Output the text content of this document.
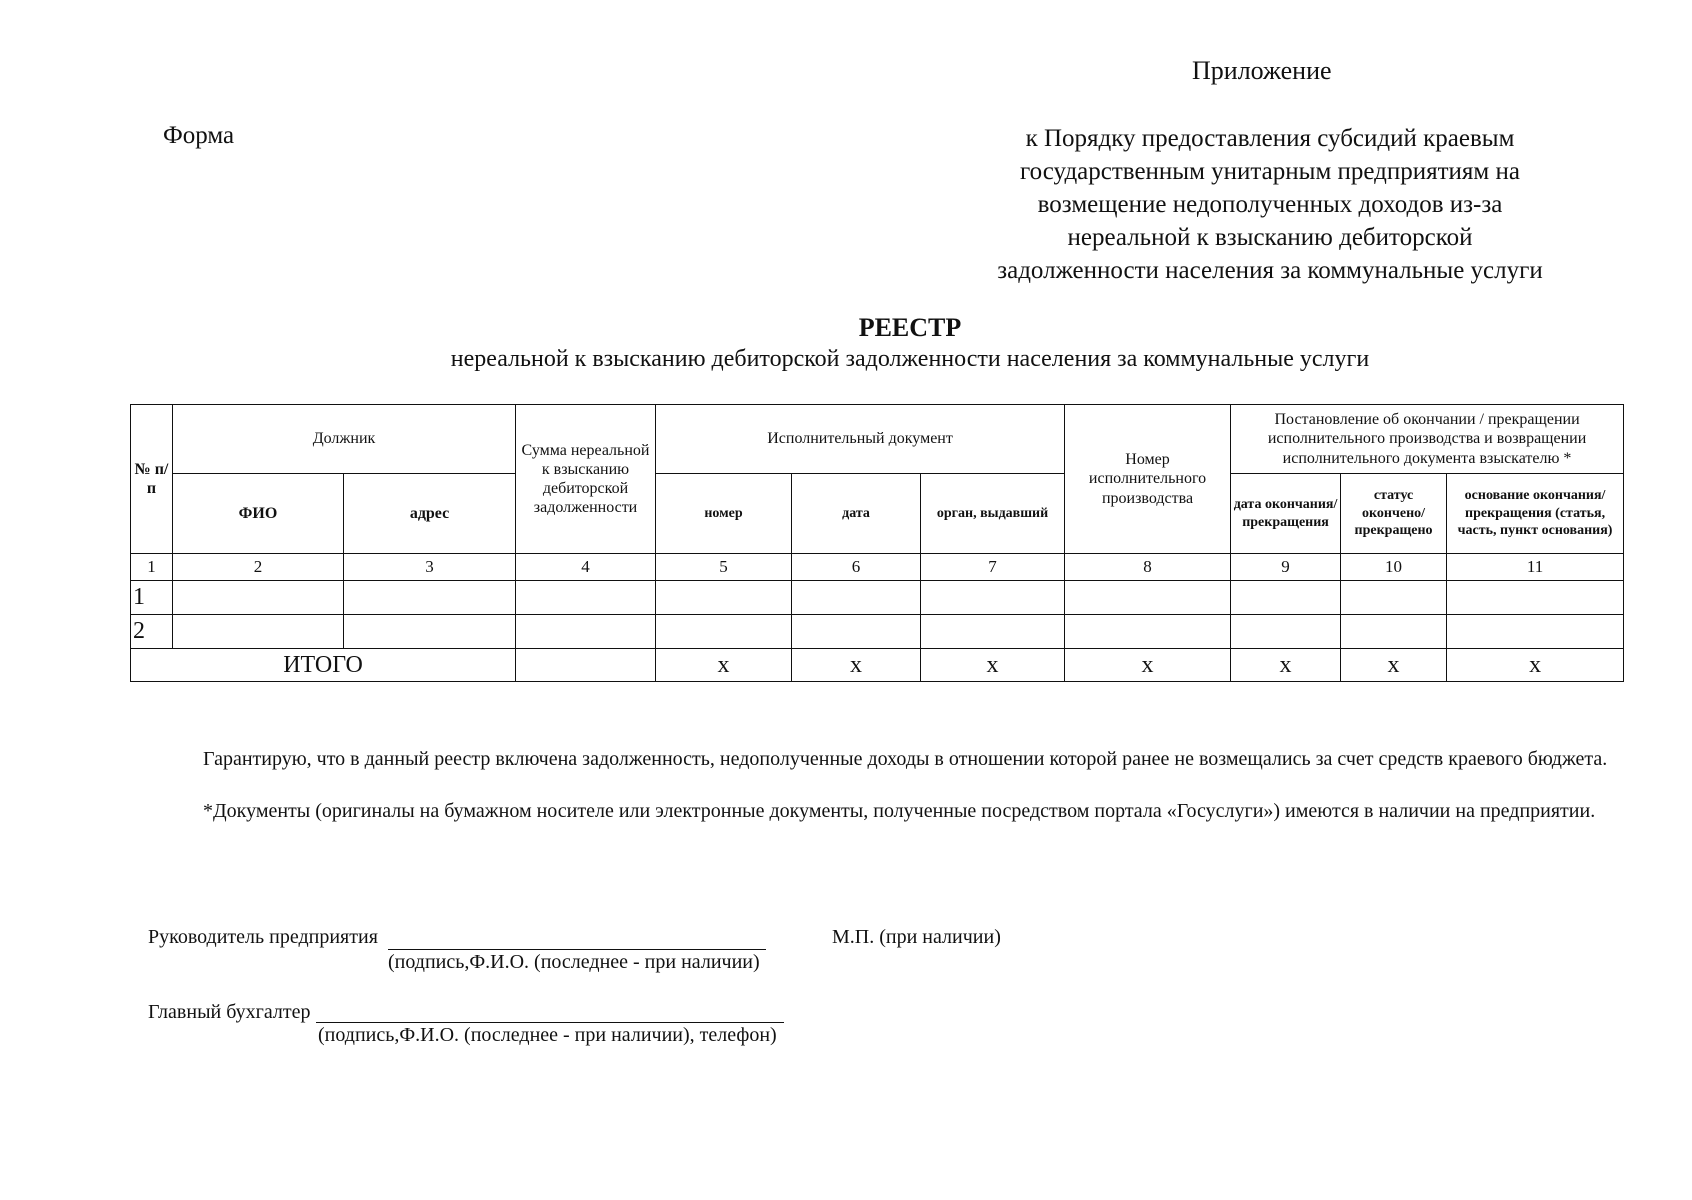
Приложение
Форма	к Порядку предоставления субсидий краевым
государственным унитарным предприятиям на
возмещение недополученных доходов из-за
нереальной к взысканию дебиторской
задолженности населения за коммунальные услуги
РЕЕСТР
нереальной к взысканию дебиторской задолженности населения за коммунальные услуги
№ п/п	Должник		Сумма нереальной к взысканию дебиторской задолженности	Исполнительный документ			Номер исполнительного производства	Постановление об окончании / прекращении исполнительного производства и возвращении исполнительного документа взыскателю *		
	ФИО	адрес		номер	дата	орган, выдавший		дата окончания/ прекращения	статус окончено/ прекращено	основание окончания/прекращения (статья, часть, пункт основания)
1	2	3	4	5	6	7	8	9	10	11
1										
2										
ИТОГО				x	x	x	x	x	x	x
Гарантирую, что в данный реестр включена задолженность, недополученные доходы в отношении которой ранее не возмещались за счет средств краевого бюджета.
*Документы (оригиналы на бумажном носителе или электронные документы, полученные посредством портала «Госуслуги») имеются в наличии на предприятии.
Руководитель предприятия
(подпись,Ф.И.О. (последнее - при наличии)
М.П. (при наличии)
Главный бухгалтер
(подпись,Ф.И.О. (последнее - при наличии), телефон)
